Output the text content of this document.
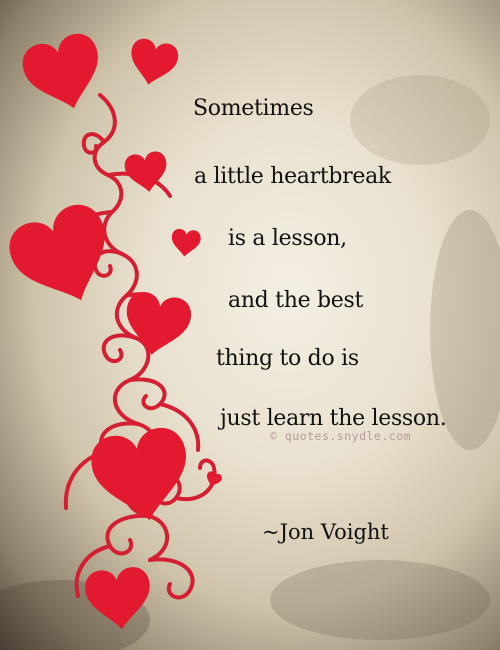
Sometimes

a little heartbreak

is a lesson,

and the best

thing to do is

just learn the lesson.

© quotes.snydle.com

~Jon Voight
